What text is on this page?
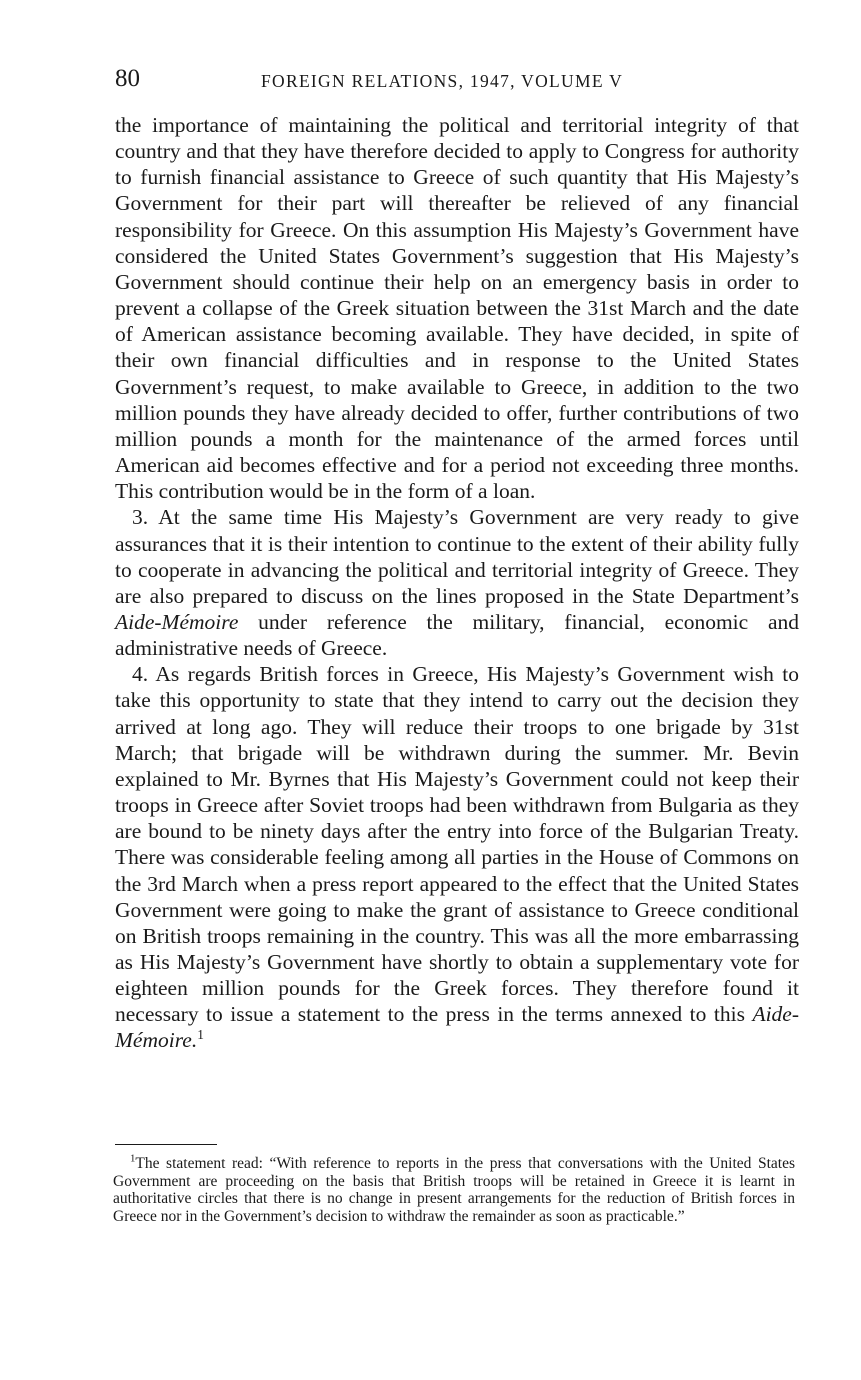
80	FOREIGN RELATIONS, 1947, VOLUME V

the importance of maintaining the political and territorial integrity of that country and that they have therefore decided to apply to Congress for authority to furnish financial assistance to Greece of such quantity that His Majesty’s Government for their part will thereafter be relieved of any financial responsibility for Greece. On this assumption His Majesty’s Government have considered the United States Government’s suggestion that His Majesty’s Government should continue their help on an emergency basis in order to prevent a collapse of the Greek situation between the 31st March and the date of American assistance becoming available. They have decided, in spite of their own financial difficulties and in response to the United States Government’s request, to make available to Greece, in addition to the two million pounds they have already decided to offer, further contributions of two million pounds a month for the maintenance of the armed forces until American aid becomes effective and for a period not exceeding three months. This contribution would be in the form of a loan.

3. At the same time His Majesty’s Government are very ready to give assurances that it is their intention to continue to the extent of their ability fully to cooperate in advancing the political and territorial integrity of Greece. They are also prepared to discuss on the lines proposed in the State Department’s Aide-Mémoire under reference the military, financial, economic and administrative needs of Greece.

4. As regards British forces in Greece, His Majesty’s Government wish to take this opportunity to state that they intend to carry out the decision they arrived at long ago. They will reduce their troops to one brigade by 31st March; that brigade will be withdrawn during the summer. Mr. Bevin explained to Mr. Byrnes that His Majesty’s Government could not keep their troops in Greece after Soviet troops had been withdrawn from Bulgaria as they are bound to be ninety days after the entry into force of the Bulgarian Treaty. There was considerable feeling among all parties in the House of Commons on the 3rd March when a press report appeared to the effect that the United States Government were going to make the grant of assistance to Greece conditional on British troops remaining in the country. This was all the more embarrassing as His Majesty’s Government have shortly to obtain a supplementary vote for eighteen million pounds for the Greek forces. They therefore found it necessary to issue a statement to the press in the terms annexed to this Aide-Mémoire.$^1$

$^1$The statement read: “With reference to reports in the press that conversations with the United States Government are proceeding on the basis that British troops will be retained in Greece it is learnt in authoritative circles that there is no change in present arrangements for the reduction of British forces in Greece nor in the Government’s decision to withdraw the remainder as soon as practicable.”
